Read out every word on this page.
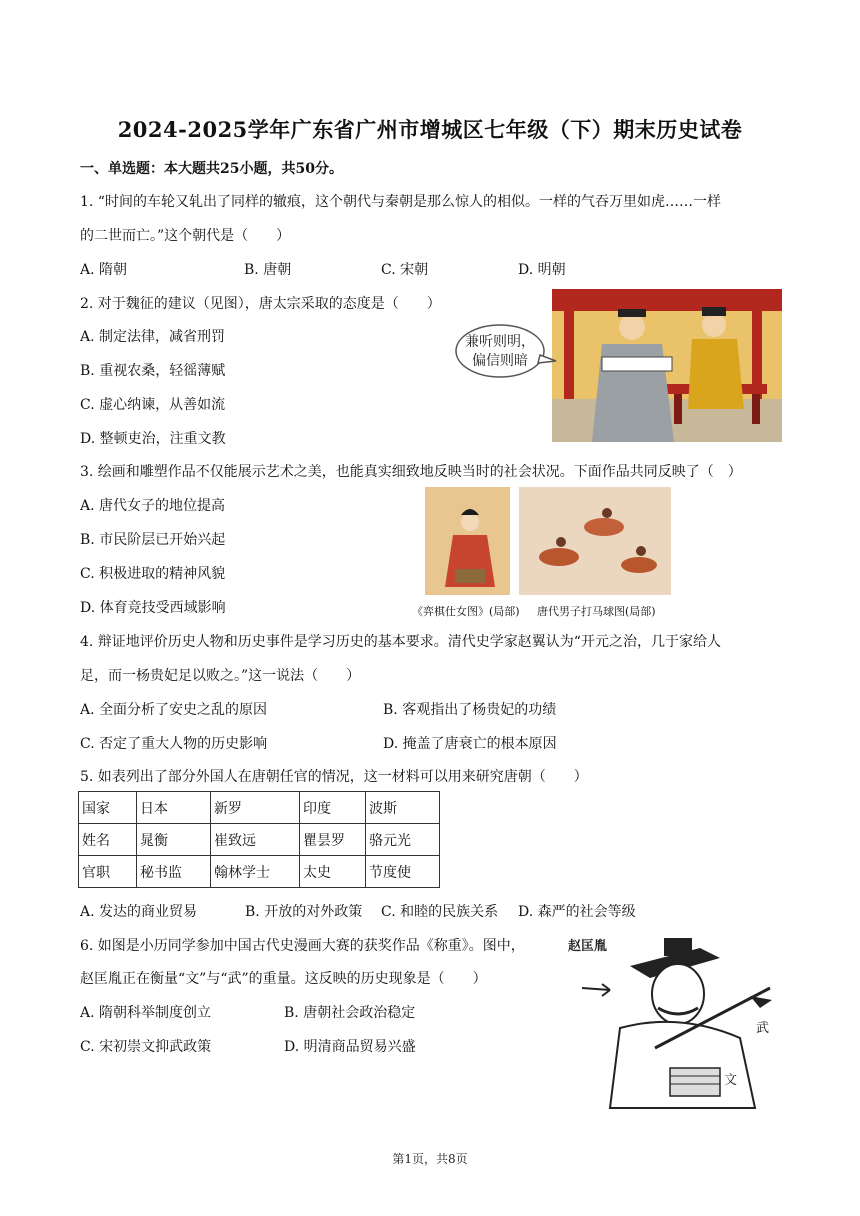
2024-2025学年广东省广州市增城区七年级（下）期末历史试卷
一、单选题：本大题共25小题，共50分。
1. “时间的车轮又轧出了同样的辙痕，这个朝代与秦朝是那么惊人的相似。一样的气吞万里如虎……一样
的二世而亡。”这个朝代是（　　）
A. 隋朝	B. 唐朝	C. 宋朝	D. 明朝
2. 对于魏征的建议（见图），唐太宗采取的态度是（　　）
A. 制定法律，减省刑罚
B. 重视农桑，轻徭薄赋
C. 虚心纳谏，从善如流
D. 整顿吏治，注重文教
兼听则明，
偏信则暗
3. 绘画和雕塑作品不仅能展示艺术之美，也能真实细致地反映当时的社会状况。下面作品共同反映了（　）
A. 唐代女子的地位提高
B. 市民阶层已开始兴起
C. 积极进取的精神风貌
D. 体育竞技受西域影响	《弈棋仕女图》(局部) 唐代男子打马球图(局部)
4. 辩证地评价历史人物和历史事件是学习历史的基本要求。清代史学家赵翼认为“开元之治，几于家给人
足，而一杨贵妃足以败之。”这一说法（　　）
A. 全面分析了安史之乱的原因	B. 客观指出了杨贵妃的功绩
C. 否定了重大人物的历史影响	D. 掩盖了唐衰亡的根本原因
5. 如表列出了部分外国人在唐朝任官的情况，这一材料可以用来研究唐朝（　　）
国家	日本	新罗	印度	波斯
姓名	晁衡	崔致远	瞿昙罗	骆元光
官职	秘书监	翰林学士	太史	节度使
A. 发达的商业贸易	B. 开放的对外政策 C. 和睦的民族关系 D. 森严的社会等级
6. 如图是小历同学参加中国古代史漫画大赛的获奖作品《称重》。图中，
赵匡胤正在衡量“文”与“武”的重量。这反映的历史现象是（　　）
A. 隋朝科举制度创立	B. 唐朝社会政治稳定
C. 宋初崇文抑武政策	D. 明清商品贸易兴盛
赵匡胤
武
文
第1页，共8页
